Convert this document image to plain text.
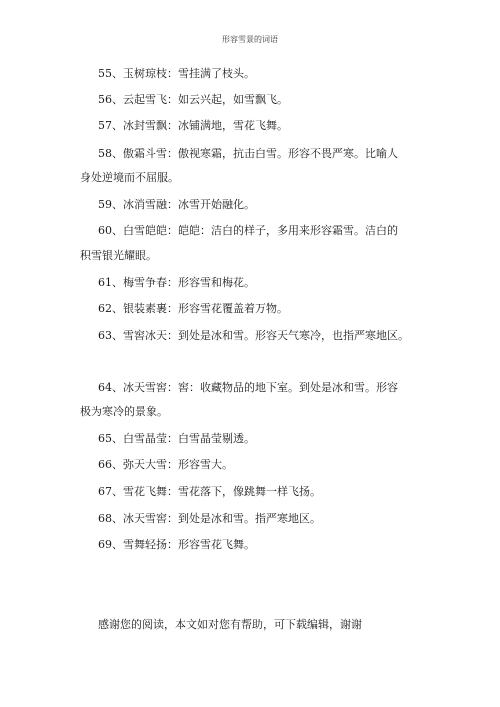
形容雪景的词语
55、玉树琼枝：雪挂满了枝头。
56、云起雪飞：如云兴起，如雪飘飞。
57、冰封雪飘：冰铺满地，雪花飞舞。
58、傲霜斗雪：傲视寒霜，抗击白雪。形容不畏严寒。比喻人
身处逆境而不屈服。
59、冰消雪融：冰雪开始融化。
60、白雪皑皑：皑皑：洁白的样子，多用来形容霜雪。洁白的
积雪银光耀眼。
61、梅雪争春：形容雪和梅花。
62、银装素裹：形容雪花覆盖着万物。
63、雪窖冰天：到处是冰和雪。形容天气寒冷，也指严寒地区。
64、冰天雪窖：窖：收藏物品的地下室。到处是冰和雪。形容
极为寒冷的景象。
65、白雪晶莹：白雪晶莹剔透。
66、弥天大雪：形容雪大。
67、雪花飞舞：雪花落下，像跳舞一样飞扬。
68、冰天雪窖：到处是冰和雪。指严寒地区。
69、雪舞轻扬：形容雪花飞舞。
感谢您的阅读，本文如对您有帮助，可下载编辑，谢谢
